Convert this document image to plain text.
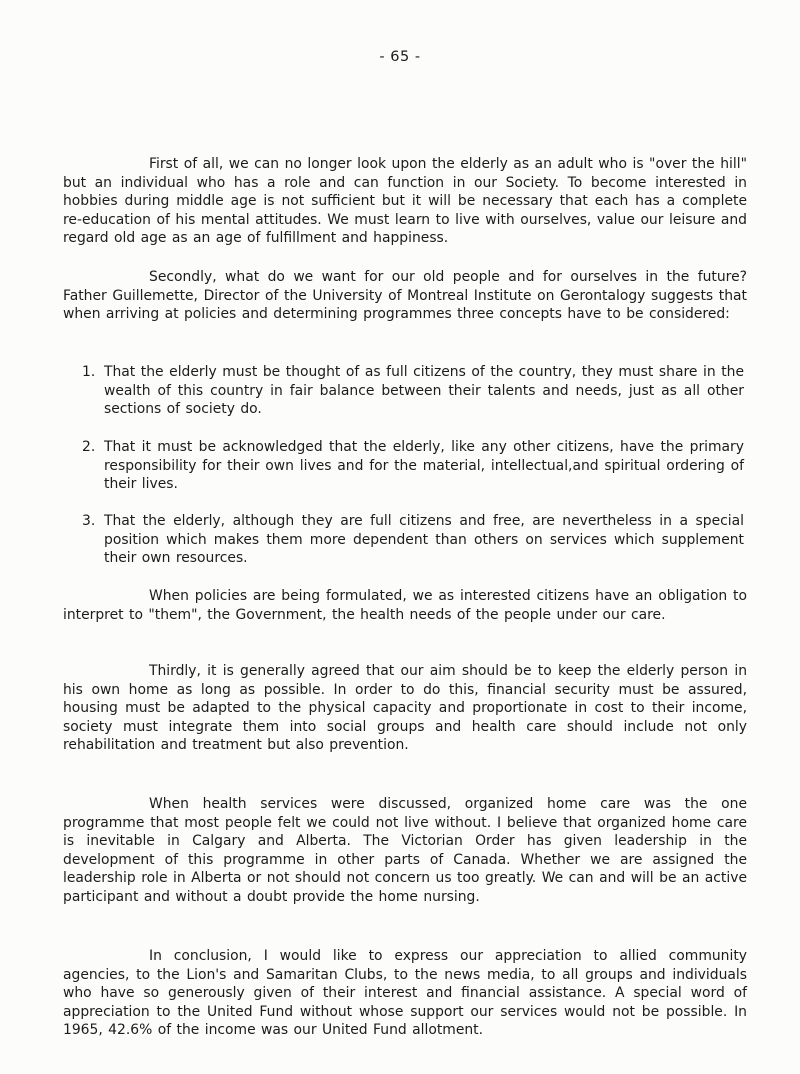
- 65 -

First of all, we can no longer look upon the elderly as an adult who is "over the hill" but an individual who has a role and can function in our Society. To become interested in hobbies during middle age is not sufficient but it will be necessary that each has a complete re-education of his mental attitudes. We must learn to live with ourselves, value our leisure and regard old age as an age of fulfillment and happiness.

Secondly, what do we want for our old people and for ourselves in the future? Father Guillemette, Director of the University of Montreal Institute on Gerontalogy suggests that when arriving at policies and determining programmes three concepts have to be considered:

1. That the elderly must be thought of as full citizens of the country, they must share in the wealth of this country in fair balance between their talents and needs, just as all other sections of society do.
2. That it must be acknowledged that the elderly, like any other citizens, have the primary responsibility for their own lives and for the material, intellectual,and spiritual ordering of their lives.
3. That the elderly, although they are full citizens and free, are nevertheless in a special position which makes them more dependent than others on services which supplement their own resources.

When policies are being formulated, we as interested citizens have an obligation to interpret to "them", the Government, the health needs of the people under our care.

Thirdly, it is generally agreed that our aim should be to keep the elderly person in his own home as long as possible. In order to do this, financial security must be assured, housing must be adapted to the physical capacity and proportionate in cost to their income, society must integrate them into social groups and health care should include not only rehabilitation and treatment but also prevention.

When health services were discussed, organized home care was the one programme that most people felt we could not live without. I believe that organized home care is inevitable in Calgary and Alberta. The Victorian Order has given leadership in the development of this programme in other parts of Canada. Whether we are assigned the leadership role in Alberta or not should not concern us too greatly. We can and will be an active participant and without a doubt provide the home nursing.

In conclusion, I would like to express our appreciation to allied community agencies, to the Lion's and Samaritan Clubs, to the news media, to all groups and individuals who have so generously given of their interest and financial assistance. A special word of appreciation to the United Fund without whose support our services would not be possible. In 1965, 42.6% of the income was our United Fund allotment.
